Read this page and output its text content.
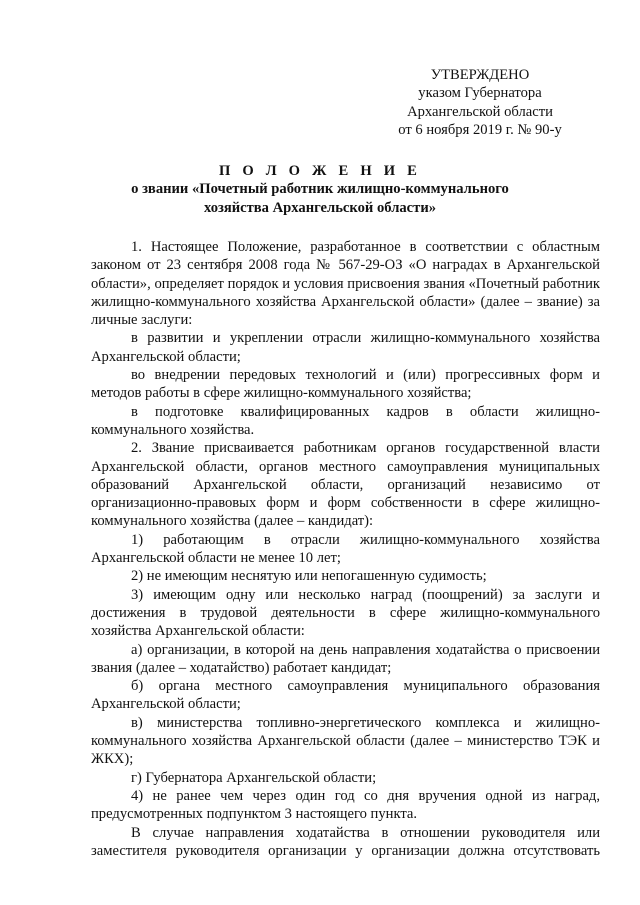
УТВЕРЖДЕНО
указом Губернатора
Архангельской области
от 6 ноября 2019 г. № 90-у
П О Л О Ж Е Н И Е
о звании «Почетный работник жилищно-коммунального
хозяйства Архангельской области»

1. Настоящее Положение, разработанное в соответствии с областным законом от 23 сентября 2008 года № 567-29-ОЗ «О наградах в Архангельской области», определяет порядок и условия присвоения звания «Почетный работник жилищно-коммунального хозяйства Архангельской области» (далее – звание) за личные заслуги:

в развитии и укреплении отрасли жилищно-коммунального хозяйства Архангельской области;

во внедрении передовых технологий и (или) прогрессивных форм и методов работы в сфере жилищно-коммунального хозяйства;

в подготовке квалифицированных кадров в области жилищно-коммунального хозяйства.

2. Звание присваивается работникам органов государственной власти Архангельской области, органов местного самоуправления муниципальных образований Архангельской области, организаций независимо от организационно-правовых форм и форм собственности в сфере жилищно-коммунального хозяйства (далее – кандидат):

1) работающим в отрасли жилищно-коммунального хозяйства Архангельской области не менее 10 лет;

2) не имеющим неснятую или непогашенную судимость;

3) имеющим одну или несколько наград (поощрений) за заслуги и достижения в трудовой деятельности в сфере жилищно-коммунального хозяйства Архангельской области:

а) организации, в которой на день направления ходатайства о присвоении звания (далее – ходатайство) работает кандидат;

б) органа местного самоуправления муниципального образования Архангельской области;

в) министерства топливно-энергетического комплекса и жилищно-коммунального хозяйства Архангельской области (далее – министерство ТЭК и ЖКХ);

г) Губернатора Архангельской области;

4) не ранее чем через один год со дня вручения одной из наград, предусмотренных подпунктом 3 настоящего пункта.

В случае направления ходатайства в отношении руководителя или заместителя руководителя организации у организации должна отсутствовать
